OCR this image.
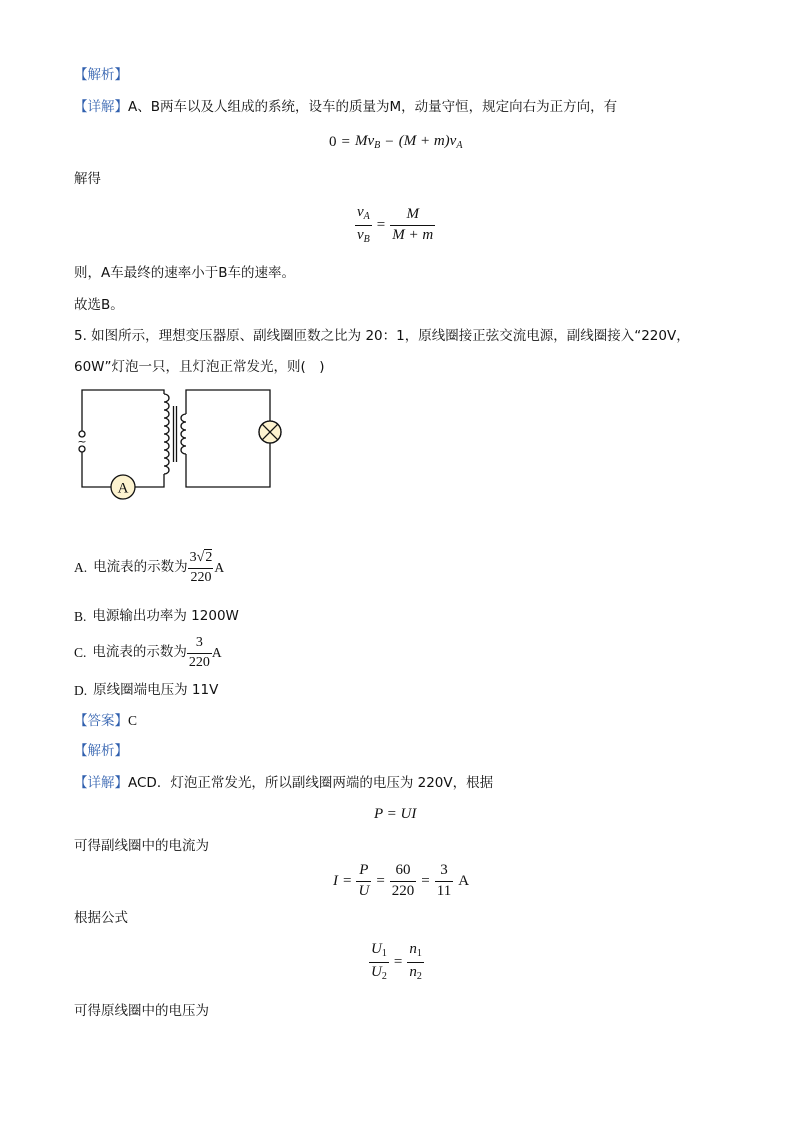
【解析】
【详解】A、B两车以及人组成的系统，设车的质量为M，动量守恒，规定向右为正方向，有
$0 = Mv_B - (M + m)v_A$
解得
$\frac{v_A}{v_B} = \frac{M}{M + m}$
则，A车最终的速率小于B车的速率。
故选B。
5. 如图所示，理想变压器原、副线圈匝数之比为 20：1，原线圈接正弦交流电源，副线圈接入“220V，
60W”灯泡一只，且灯泡正常发光，则(　)
~
A
A. 电流表的示数为 $\frac{3√2}{220}$ A
B. 电源输出功率为 1200W
C. 电流表的示数为 $\frac{3}{220}$ A
D. 原线圈端电压为 11V
【答案】C
【解析】
【详解】ACD．灯泡正常发光，所以副线圈两端的电压为 220V，根据
P = UI
可得副线圈中的电流为
$I = \frac{P}{U} = \frac{60}{220} = \frac{3}{11}$ A
根据公式
$\frac{U_1}{U_2} = \frac{n_1}{n_2}$
可得原线圈中的电压为
